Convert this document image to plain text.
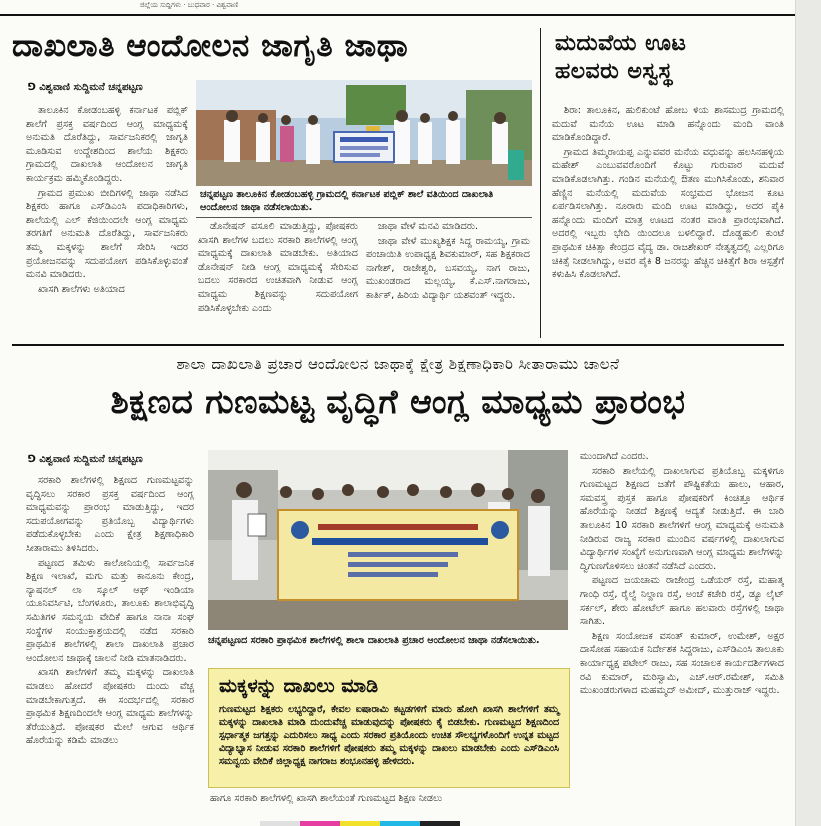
ಜಿಲ್ಲೆಯ ಸುದ್ದಿಗಳು · ಬುಧವಾರ · ವಿಶ್ವವಾಣಿ
ದಾಖಲಾತಿ ಆಂದೋಲನ ಜಾಗೃತಿ ಜಾಥಾ
⅁ ವಿಶ್ವವಾಣಿ ಸುದ್ದಿಮನೆ ಚನ್ನಪಟ್ಟಣ

ತಾಲೂಕಿನ ಕೋಡಂಬಹಳ್ಳಿ ಕರ್ನಾಟಕ ಪಬ್ಲಿಕ್ ಶಾಲೆಗೆ ಪ್ರಸಕ್ತ ವರ್ಷದಿಂದ ಆಂಗ್ಲ ಮಾಧ್ಯಮಕ್ಕೆ ಅನುಮತಿ ದೊರೆತಿದ್ದು, ಸಾರ್ವಜನಿಕರಲ್ಲಿ ಜಾಗೃತಿ ಮೂಡಿಸುವ ಉದ್ದೇಶದಿಂದ ಶಾಲೆಯ ಶಿಕ್ಷಕರು ಗ್ರಾಮದಲ್ಲಿ ದಾಖಲಾತಿ ಆಂದೋಲನ ಜಾಗೃತಿ ಕಾರ್ಯಕ್ರಮ ಹಮ್ಮಿಕೊಂಡಿದ್ದರು.

ಗ್ರಾಮದ ಪ್ರಮುಖ ಬೀದಿಗಳಲ್ಲಿ ಜಾಥಾ ನಡೆಸಿದ ಶಿಕ್ಷಕರು ಹಾಗೂ ಎಸ್‌ಡಿಎಂಸಿ ಪದಾಧಿಕಾರಿಗಳು, ಶಾಲೆಯಲ್ಲಿ ಎಲ್ ಕೆಜಿಯಿಂದಲೇ ಆಂಗ್ಲ ಮಾಧ್ಯಮ ತರಗತಿಗೆ ಅನುಮತಿ ದೊರೆತಿದ್ದು, ಸಾರ್ವಜನಿಕರು ತಮ್ಮ ಮಕ್ಕಳನ್ನು ಶಾಲೆಗೆ ಸೇರಿಸಿ ಇದರ ಪ್ರಯೋಜನವನ್ನು ಸದುಪಯೋಗ ಪಡಿಸಿಕೊಳ್ಳುವಂತೆ ಮನವಿ ಮಾಡಿದರು.

ಖಾಸಗಿ ಶಾಲೆಗಳು ಅತಿಯಾದ

ಚನ್ನಪಟ್ಟಣ ತಾಲೂಕಿನ ಕೋಡಂಬಹಳ್ಳಿ ಗ್ರಾಮದಲ್ಲಿ ಕರ್ನಾಟಕ ಪಬ್ಲಿಕ್ ಶಾಲೆ ವತಿಯಿಂದ ದಾಖಲಾತಿ ಆಂದೋಲನ ಜಾಥಾ ನಡೆಸಲಾಯಿತು.

ಡೊನೇಷನ್ ವಸೂಲಿ ಮಾಡುತ್ತಿದ್ದು, ಪೋಷಕರು ಖಾಸಗಿ ಶಾಲೆಗಳ ಬದಲು ಸರಕಾರಿ ಶಾಲೆಗಳಲ್ಲಿ ಆಂಗ್ಲ ಮಾಧ್ಯಮಕ್ಕೆ ದಾಖಲಾತಿ ಮಾಡಬೇಕು. ಅತಿಯಾದ ಡೊನೇಷನ್ ನೀಡಿ ಆಂಗ್ಲ ಮಾಧ್ಯಮಕ್ಕೆ ಸೇರಿಸುವ ಬದಲು ಸರಕಾರದ ಉಚಿತವಾಗಿ ನೀಡುವ ಆಂಗ್ಲ ಮಾಧ್ಯಮ ಶಿಕ್ಷಣವನ್ನು ಸದುಪಯೋಗ ಪಡಿಸಿಕೊಳ್ಳಬೇಕು ಎಂದು

ಜಾಥಾ ವೇಳೆ ಮನವಿ ಮಾಡಿದರು.

ಜಾಥಾ ವೇಳೆ ಮುಖ್ಯಶಿಕ್ಷಕ ಸಿದ್ದ ರಾಮಯ್ಯ, ಗ್ರಾಮ ಪಂಚಾಯಿತಿ ಉಪಾಧ್ಯಕ್ಷ ಶಿವಕುಮಾರ್, ಸಹ ಶಿಕ್ಷಕರಾದ ನಾಗೇಶ್, ರಾಜೇಶ್ವರಿ, ಬಸವಯ್ಯ, ನಾಗ ರಾಜು, ಮುಖಂಡರಾದ ಮಲ್ಲಯ್ಯ, ಕೆ.ಎಸ್.ನಾಗರಾಜು, ಕಾರ್ತಿಕ್, ಹಿರಿಯ ವಿದ್ಯಾರ್ಥಿ ಯಶವಂತ್ ಇದ್ದರು.

ಮದುವೆಯ ಊಟ
ಹಲವರು ಅಸ್ವಸ್ಥ

ಶಿರಾ: ತಾಲೂಕಿನ, ಹುಲಿಕುಂಟೆ ಹೋಬ ಳಿಯ ಶಾಸಮುದ್ರ ಗ್ರಾಮದಲ್ಲಿ ಮದುವೆ ಮನೆಯ ಊಟ ಮಾಡಿ ಹನ್ನೊಂದು ಮಂದಿ ವಾಂತಿ ಮಾಡಿಕೊಂಡಿದ್ದಾರೆ.

ಗ್ರಾಮದ ತಿಮ್ಮರಾಯಪ್ಪ ಎನ್ನುವವರ ಮನೆಯ ವಧುವನ್ನು ಹಲಸಿನಹಳ್ಳಿಯ ಮಹೇಶ್ ಎಂಬುವವರೊಂದಿಗೆ ಕೊಟ್ಟು ಗುರುವಾರ ಮದುವೆ ಮಾಡಿಕೊಡಲಾಗಿತ್ತು. ಗಂಡಿನ ಮನೆಯಲ್ಲಿ ಔತಣ ಮುಗಿಸಿಕೊಂಡು, ಶನಿವಾರ ಹೆಣ್ಣಿನ ಮನೆಯಲ್ಲಿ ಮದುವೆಯ ಸಂಭ್ರಮದ ಭೋಜನ ಕೂಟ ಏರ್ಪಡಿಸಲಾಗಿತ್ತು. ನೂರಾರು ಮಂದಿ ಊಟ ಮಾಡಿದ್ದು, ಅದರ ಪೈಕಿ ಹನ್ನೊಂದು ಮಂದಿಗೆ ಮಾತ್ರ ಊಟದ ನಂತರ ವಾಂತಿ ಪ್ರಾರಂಭವಾಗಿದೆ. ಅದರಲ್ಲಿ ಇಬ್ಬರು ಭೇದಿ ಯಿಂದಲೂ ಬಳಲಿದ್ದಾರೆ. ದೊಡ್ಡಹುಲಿ ಕುಂಟೆ ಪ್ರಾಥಮಿಕ ಚಿಕಿತ್ಸಾ ಕೇಂದ್ರದ ವೈದ್ಯ ಡಾ. ರಾಜಶೇಖರ್ ನೇತೃತ್ವದಲ್ಲಿ ಎಲ್ಲರಿಗೂ ಚಿಕಿತ್ಸೆ ನೀಡಲಾಗಿದ್ದು, ಅವರ ಪೈಕಿ 8 ಜನರನ್ನು ಹೆಚ್ಚಿನ ಚಿಕಿತ್ಸೆಗೆ ಶಿರಾ ಆಸ್ಪತ್ರೆಗೆ ಕಳುಹಿಸಿ ಕೊಡಲಾಗಿದೆ.

ಶಾಲಾ ದಾಖಲಾತಿ ಪ್ರಚಾರ ಆಂದೋಲನ ಜಾಥಾಕ್ಕೆ ಕ್ಷೇತ್ರ ಶಿಕ್ಷಣಾಧಿಕಾರಿ ಸೀತಾರಾಮು ಚಾಲನೆ
ಶಿಕ್ಷಣದ ಗುಣಮಟ್ಟ ವೃದ್ಧಿಗೆ ಆಂಗ್ಲ ಮಾಧ್ಯಮ ಪ್ರಾರಂಭ
⅁ ವಿಶ್ವವಾಣಿ ಸುದ್ದಿಮನೆ ಚನ್ನಪಟ್ಟಣ

ಸರಕಾರಿ ಶಾಲೆಗಳಲ್ಲಿ ಶಿಕ್ಷಣದ ಗುಣಮಟ್ಟವನ್ನು ವೃದ್ಧಿಸಲು ಸರಕಾರ ಪ್ರಸಕ್ತ ವರ್ಷದಿಂದ ಆಂಗ್ಲ ಮಾಧ್ಯಮವನ್ನು ಪ್ರಾರಂಭ ಮಾಡುತ್ತಿದ್ದು, ಇದರ ಸದುಪಯೋಗವನ್ನು ಪ್ರತಿಯೊಬ್ಬ ವಿದ್ಯಾರ್ಥಿಗಳು ಪಡೆದುಕೊಳ್ಳಬೇಕು ಎಂದು ಕ್ಷೇತ್ರ ಶಿಕ್ಷಣಾಧಿಕಾರಿ ಸೀತಾರಾಮು ತಿಳಿಸಿದರು.

ಪಟ್ಟಣದ ತಮಿಳು ಕಾಲೋನಿಯಲ್ಲಿ ಸಾರ್ವಜನಿಕ ಶಿಕ್ಷಣ ಇಲಾಖೆ, ಮಗು ಮತ್ತು ಕಾನೂನು ಕೇಂದ್ರ, ನ್ಯಾಷನಲ್ ಲಾ ಸ್ಕೂಲ್ ಆಫ್ ಇಂಡಿಯಾ ಯೂನಿವರ್ಸಿಟಿ, ಬೆಂಗಳೂರು, ತಾಲೂಕು ಶಾಲಾಭಿವೃದ್ಧಿ ಸಮಿತಿಗಳ ಸಮನ್ವಯ ವೇದಿಕೆ ಹಾಗೂ ನಾನಾ ಸಂಘ ಸಂಸ್ಥೆಗಳ ಸಂಯುಕ್ತಾಶ್ರಯದಲ್ಲಿ ನಡೆದ ಸರಕಾರಿ ಪ್ರಾಥಮಿಕ ಶಾಲೆಗಳಲ್ಲಿ ಶಾಲಾ ದಾಖಲಾತಿ ಪ್ರಚಾರ ಆಂದೋಲನ ಜಾಥಾಕ್ಕೆ ಚಾಲನೆ ನೀಡಿ ಮಾತನಾಡಿದರು.

ಖಾಸಗಿ ಶಾಲೆಗಳಿಗೆ ತಮ್ಮ ಮಕ್ಕಳನ್ನು ದಾಖಲಾತಿ ಮಾಡಲು ಹೋದರೆ ಪೋಷಕರು ದುಂದು ವೆಚ್ಚ ಮಾಡಬೇಕಾಗುತ್ತದೆ. ಈ ಸಂದರ್ಭದಲ್ಲಿ ಸರಕಾರ ಪ್ರಾಥಮಿಕ ಶಿಕ್ಷಣದಿಂದಲೇ ಆಂಗ್ಲ ಮಾಧ್ಯಮ ಶಾಲೆಗಳನ್ನು ತೆರೆಯುತ್ತಿದೆ. ಪೋಷಕರ ಮೇಲೆ ಆಗುವ ಆರ್ಥಿಕ ಹೊರೆಯನ್ನು ಕಡಿಮೆ ಮಾಡಲು

ಚನ್ನಪಟ್ಟಣದ ಸರಕಾರಿ ಪ್ರಾಥಮಿಕ ಶಾಲೆಗಳಲ್ಲಿ ಶಾಲಾ ದಾಖಲಾತಿ ಪ್ರಚಾರ ಆಂದೋಲನ ಜಾಥಾ ನಡೆಸಲಾಯಿತು.
ಮಕ್ಕಳನ್ನು ದಾಖಲು ಮಾಡಿ
ಗುಣಮಟ್ಟದ ಶಿಕ್ಷಕರು ಲಭ್ಯರಿದ್ದಾರೆ, ಕೇವಲ ಐಷಾರಾಮಿ ಕಟ್ಟಡಗಳಿಗೆ ಮಾರು ಹೋಗಿ ಖಾಸಗಿ ಶಾಲೆಗಳಿಗೆ ತಮ್ಮ ಮಕ್ಕಳನ್ನು ದಾಖಲಾತಿ ಮಾಡಿ ದುಂದುವೆಚ್ಚ ಮಾಡುವುದನ್ನು ಪೋಷಕರು ಕೈ ಬಿಡಬೇಕು. ಗುಣಮಟ್ಟದ ಶಿಕ್ಷಣದಿಂದ ಸ್ಪರ್ಧಾತ್ಮಕ ಜಗತ್ತನ್ನು ಎದುರಿಸಲು ಸಾಧ್ಯ ಎಂದು ಸರಕಾರ ಪ್ರತಿಯೊಂದು ಉಚಿತ ಸೌಲಭ್ಯಗಳೊಂದಿಗೆ ಉನ್ನತ ಮಟ್ಟದ ವಿದ್ಯಾಭ್ಯಾಸ ನೀಡುವ ಸರಕಾರಿ ಶಾಲೆಗಳಿಗೆ ಪೋಷಕರು ತಮ್ಮ ಮಕ್ಕಳನ್ನು ದಾಖಲು ಮಾಡಬೇಕು ಎಂದು ಎಸ್‌ಡಿಎಂಸಿ ಸಮನ್ವಯ ವೇದಿಕೆ ಜಿಲ್ಲಾಧ್ಯಕ್ಷ ನಾಗರಾಜ ಶಂಭೂನಹಳ್ಳಿ ಹೇಳಿದರು.

ಹಾಗೂ ಸರಕಾರಿ ಶಾಲೆಗಳಲ್ಲಿ ಖಾಸಗಿ ಶಾಲೆಯಂತೆ ಗುಣಮಟ್ಟದ ಶಿಕ್ಷಣ ನೀಡಲು

ಮುಂದಾಗಿದೆ ಎಂದರು.

ಸರಕಾರಿ ಶಾಲೆಯಲ್ಲಿ ದಾಖಲಾಗುವ ಪ್ರತಿಯೊಬ್ಬ ಮಕ್ಕಳಿಗೂ ಗುಣಮಟ್ಟದ ಶಿಕ್ಷಣದ ಜತೆಗೆ ಪೌಷ್ಟಿಕತೆಯ ಹಾಲು, ಆಹಾರ, ಸಮವಸ್ತ್ರ ಪುಸ್ತಕ ಹಾಗೂ ಪೋಷಕರಿಗೆ ಕಿಂಚಿತ್ತೂ ಆರ್ಥಿಕ ಹೊರೆಯನ್ನು ನೀಡದೆ ಶಿಕ್ಷಣಕ್ಕೆ ಆದ್ಯತೆ ನೀಡುತ್ತಿದೆ. ಈ ಬಾರಿ ತಾಲೂಕಿನ 10 ಸರಕಾರಿ ಶಾಲೆಗಳಿಗೆ ಆಂಗ್ಲ ಮಾಧ್ಯಮಕ್ಕೆ ಅನುಮತಿ ನೀಡಿರುವ ರಾಜ್ಯ ಸರಕಾರ ಮುಂದಿನ ವರ್ಷಗಳಲ್ಲಿ ದಾಖಲಾಗುವ ವಿದ್ಯಾರ್ಥಿಗಳ ಸಂಖ್ಯೆಗೆ ಅನುಗುಣವಾಗಿ ಆಂಗ್ಲ ಮಾಧ್ಯಮ ಶಾಲೆಗಳನ್ನು ದ್ವಿಗುಣಗೊಳಿಸಲು ಚಿಂತನೆ ನಡೆಸಿದೆ ಎಂದರು.

ಪಟ್ಟಣದ ಜಯಚಾಮ ರಾಜೇಂದ್ರ ಒಡೆಯರ್ ರಸ್ತೆ, ಮಹಾತ್ಮ ಗಾಂಧಿ ರಸ್ತೆ, ರೈಲ್ವೆ ನಿಲ್ದಾಣ ರಸ್ತೆ, ಅಂಚೆ ಕಚೇರಿ ರಸ್ತೆ, ಡ್ಯೂ ಲೈಟ್ ಸರ್ಕಲ್, ಶೇರು ಹೋಟೆಲ್ ಹಾಗೂ ಹಲವಾರು ರಸ್ತೆಗಳಲ್ಲಿ ಜಾಥಾ ಸಾಗಿತು.

ಶಿಕ್ಷಣ ಸಂಯೋಜಕ ವಸಂತ್ ಕುಮಾರ್, ಉಮೇಶ್, ಅಕ್ಷರ ದಾಸೋಹ ಸಹಾಯಕ ನಿರ್ದೇಶಕ ಸಿದ್ದರಾಜು, ಎಸ್‌ಡಿಎಂಸಿ ತಾಲೂಕು ಕಾರ್ಯಾಧ್ಯಕ್ಷ ಪಟೇಲ್ ರಾಜು, ಸಹ ಸಂಚಾಲಕ ಕಾರ್ಯದರ್ಶಿಗಳಾದ ರವಿ ಕುಮಾರ್, ಮರಿಸ್ವಾಮಿ, ಎಚ್.ಆರ್.ರಮೇಶ್, ಸಮಿತಿ ಮುಖಂಡರುಗಳಾದ ಮಹಮ್ಮದ್ ಅಮೀದ್, ಮುತ್ತುರಾಜ್ ಇದ್ದರು.
